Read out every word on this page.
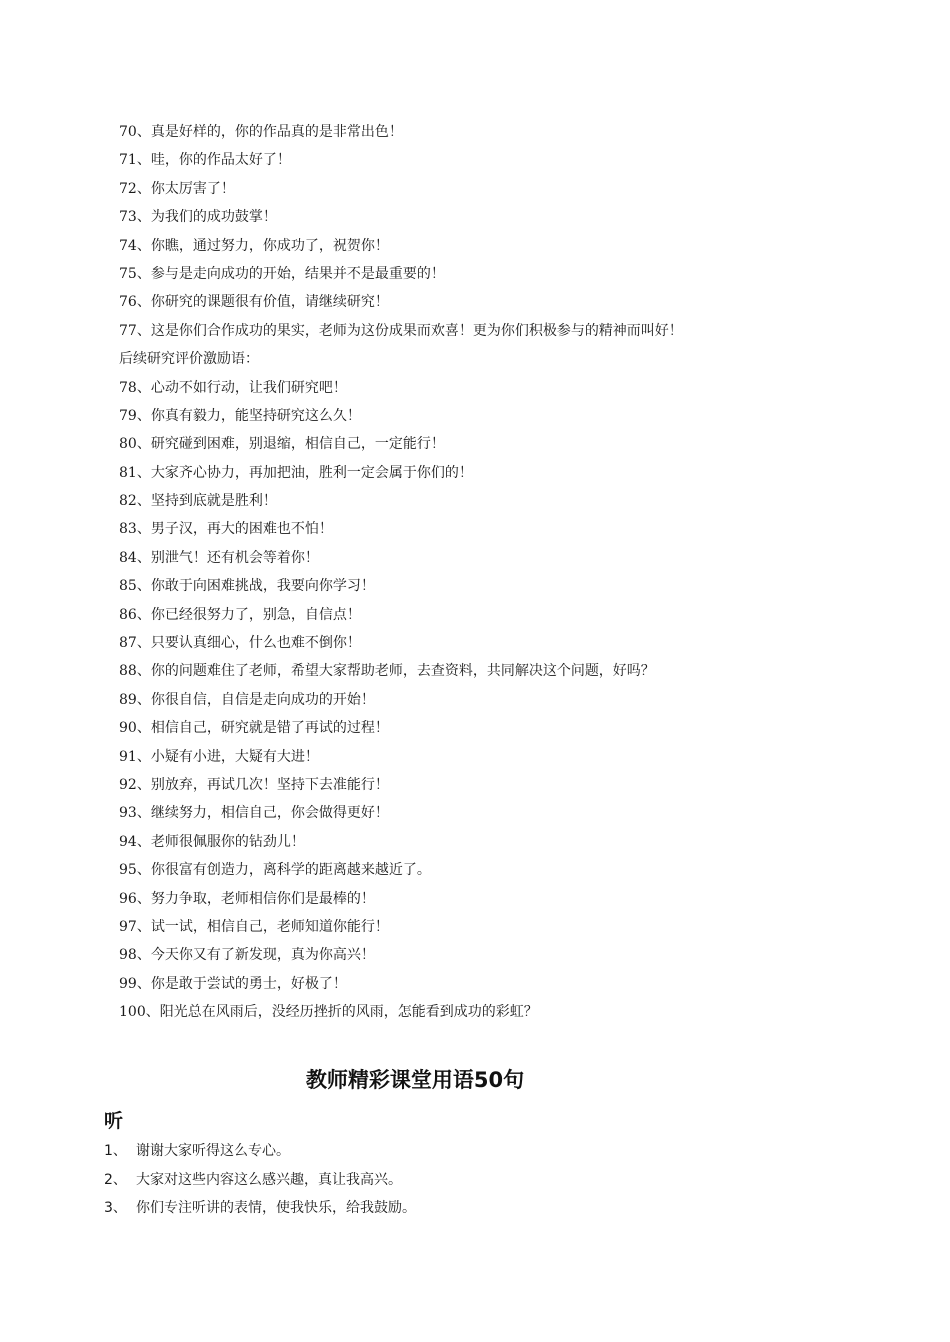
70、真是好样的，你的作品真的是非常出色！
71、哇，你的作品太好了！
72、你太厉害了！
73、为我们的成功鼓掌！
74、你瞧，通过努力，你成功了，祝贺你！
75、参与是走向成功的开始，结果并不是最重要的！
76、你研究的课题很有价值，请继续研究！
77、这是你们合作成功的果实，老师为这份成果而欢喜！更为你们积极参与的精神而叫好！
后续研究评价激励语：
78、心动不如行动，让我们研究吧！
79、你真有毅力，能坚持研究这么久！
80、研究碰到困难，别退缩，相信自己，一定能行！
81、大家齐心协力，再加把油，胜利一定会属于你们的！
82、坚持到底就是胜利！
83、男子汉，再大的困难也不怕！
84、别泄气！还有机会等着你！
85、你敢于向困难挑战，我要向你学习！
86、你已经很努力了，别急，自信点！
87、只要认真细心，什么也难不倒你！
88、你的问题难住了老师，希望大家帮助老师，去查资料，共同解决这个问题，好吗？
89、你很自信，自信是走向成功的开始！
90、相信自己，研究就是错了再试的过程！
91、小疑有小进，大疑有大进！
92、别放弃，再试几次！坚持下去准能行！
93、继续努力，相信自己，你会做得更好！
94、老师很佩服你的钻劲儿！
95、你很富有创造力，离科学的距离越来越近了。
96、努力争取，老师相信你们是最棒的！
97、试一试，相信自己，老师知道你能行！
98、今天你又有了新发现，真为你高兴！
99、你是敢于尝试的勇士，好极了！
100、阳光总在风雨后，没经历挫折的风雨，怎能看到成功的彩虹？
教师精彩课堂用语50句
听
1、 谢谢大家听得这么专心。
2、 大家对这些内容这么感兴趣，真让我高兴。
3、 你们专注听讲的表情，使我快乐，给我鼓励。
